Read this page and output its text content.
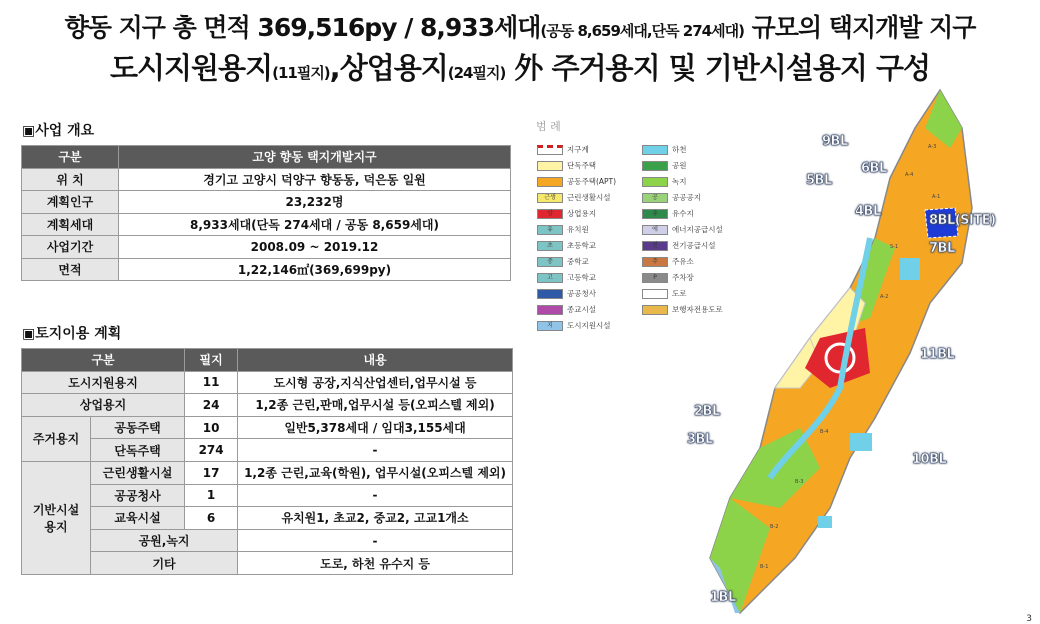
향동 지구 총 면적 369,516py / 8,933세대(공동 8,659세대,단독 274세대) 규모의 택지개발 지구
도시지원용지(11필지),상업용지(24필지) 外 주거용지 및 기반시설용지 구성
▣사업 개요
구분	고양 향동 택지개발지구
위 치	경기고 고양시 덕양구 향동동, 덕은동 일원
계획인구	23,232명
계획세대	8,933세대(단독 274세대 / 공동 8,659세대)
사업기간	2008.09 ~ 2019.12
면적	1,22,146㎡(369,699py)
▣토지이용 계획
구분		필지	내용
도시지원용지		11	도시형 공장,지식산업센터,업무시설 등
상업용지		24	1,2종 근린,판매,업무시설 등(오피스텔 제외)
주거용지	공동주택	10	일반5,378세대 / 임대3,155세대
	단독주택	274	-
기반시설 용지	근린생활시설	17	1,2종 근린,교육(학원), 업무시설(오피스텔 제외)
	공공청사	1	-
	교육시설	6	유치원1, 초교2, 중교2, 고교1개소
	공원,녹지		-
	기타		도로, 하천 유수지 등
범 례
지구계
단독주택
공동주택(APT)
근생 근린생활시설
상 상업용지
유 유치원
초 초등학교
중 중학교
고 고등학교
공공청사
종교시설
지 도시지원시설
하천
공원
녹지
공 공공공지
유 유수지
에 에너지공급시설
전 전기공급시설
주 주유소
P 주차장
도로
보행자전용도로
A-3
A-4
A-1
S-1
A-2
B-4
B-3
B-2
B-1
9BL
6BL
5BL
4BL
8BL(SITE)
7BL
11BL
2BL
3BL
10BL
1BL
3
